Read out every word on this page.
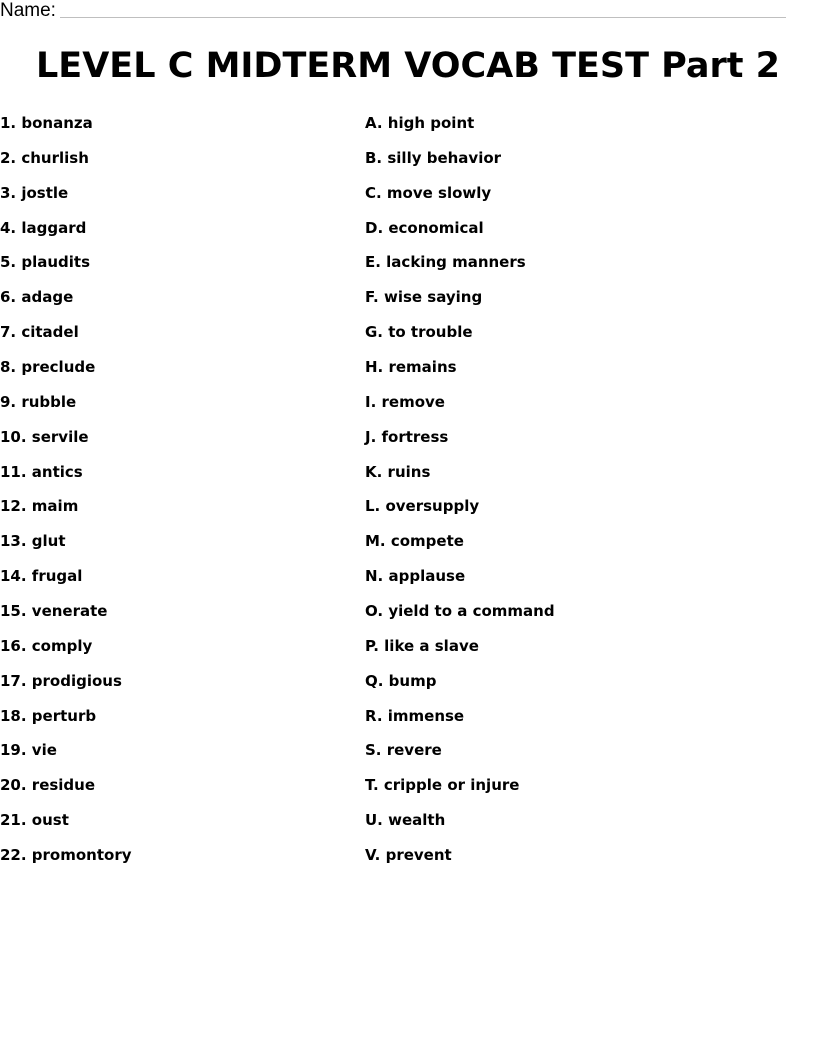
Name:
LEVEL C MIDTERM VOCAB TEST Part 2
1. bonanza
2. churlish
3. jostle
4. laggard
5. plaudits
6. adage
7. citadel
8. preclude
9. rubble
10. servile
11. antics
12. maim
13. glut
14. frugal
15. venerate
16. comply
17. prodigious
18. perturb
19. vie
20. residue
21. oust
22. promontory
A. high point
B. silly behavior
C. move slowly
D. economical
E. lacking manners
F. wise saying
G. to trouble
H. remains
I. remove
J. fortress
K. ruins
L. oversupply
M. compete
N. applause
O. yield to a command
P. like a slave
Q. bump
R. immense
S. revere
T. cripple or injure
U. wealth
V. prevent
